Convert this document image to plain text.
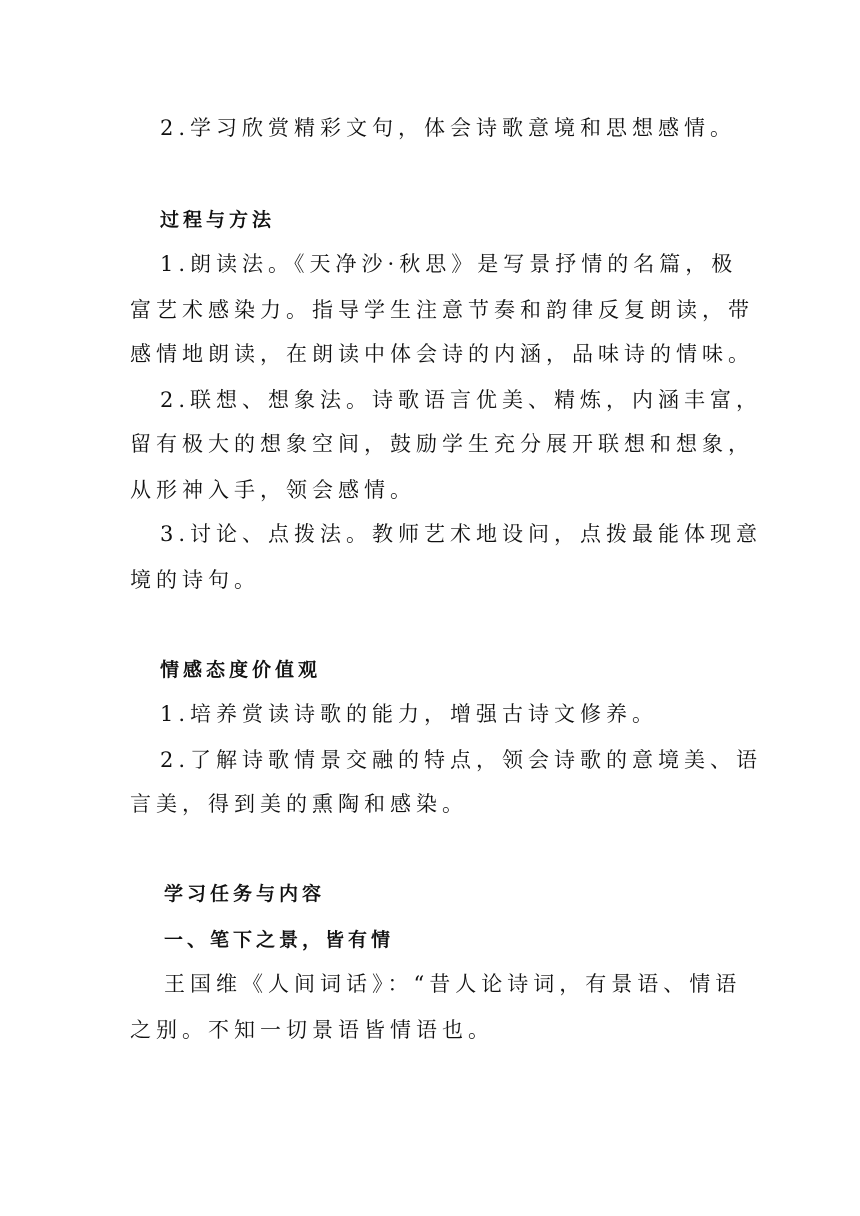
2.学习欣赏精彩文句，体会诗歌意境和思想感情。

过程与方法

1.朗读法。《天净沙·秋思》是写景抒情的名篇，极

富艺术感染力。指导学生注意节奏和韵律反复朗读，带

感情地朗读，在朗读中体会诗的内涵，品味诗的情味。

2.联想、想象法。诗歌语言优美、精炼，内涵丰富，

留有极大的想象空间，鼓励学生充分展开联想和想象，

从形神入手，领会感情。

3.讨论、点拨法。教师艺术地设问，点拨最能体现意

境的诗句。

情感态度价值观

1.培养赏读诗歌的能力，增强古诗文修养。

2.了解诗歌情景交融的特点，领会诗歌的意境美、语

言美，得到美的熏陶和感染。

学习任务与内容

一、笔下之景，皆有情

王国维《人间词话》：“昔人论诗词，有景语、情语

之别。不知一切景语皆情语也。
